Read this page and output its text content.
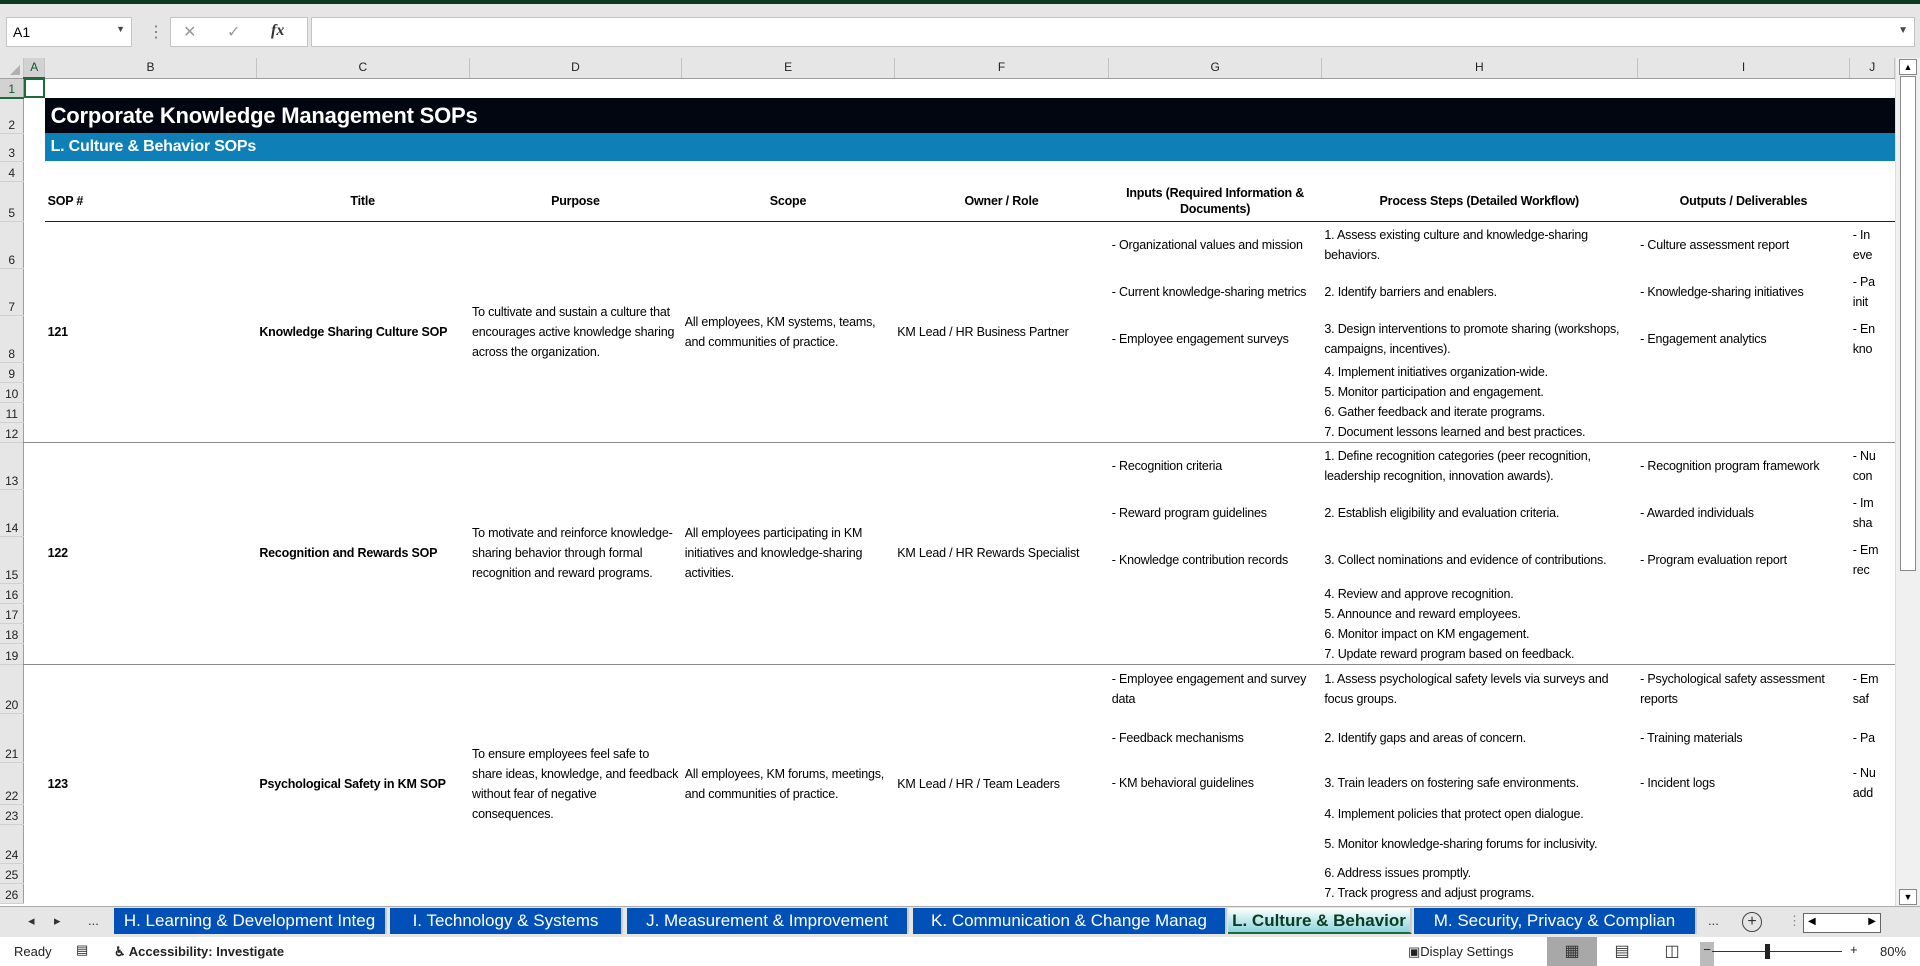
A1	▼ ⋮ ✕ ✓ fx	▼
	A	B	C	D	E	F	G	H	I	J
1										
2		Corporate Knowledge Management SOPs								
3		L. Culture & Behavior SOPs								
4										
5		SOP #	Title	Purpose	Scope	Owner / Role	Inputs (Required Information & Documents)	Process Steps (Detailed Workflow)	Outputs / Deliverables	
6		121	Knowledge Sharing Culture SOP	To cultivate and sustain a culture that encourages active knowledge sharing across the organization.	All employees, KM systems, teams, and communities of practice.	KM Lead / HR Business Partner	- Organizational values and mission	1. Assess existing culture and knowledge-sharing behaviors.	- Culture assessment report	- In eve
7							- Current knowledge-sharing metrics	2. Identify barriers and enablers.	- Knowledge-sharing initiatives	- Pa init
8							- Employee engagement surveys	3. Design interventions to promote sharing (workshops, campaigns, incentives).	- Engagement analytics	- En kno
9								4. Implement initiatives organization-wide.		
10								5. Monitor participation and engagement.		
11								6. Gather feedback and iterate programs.		
12								7. Document lessons learned and best practices.		
13		122	Recognition and Rewards SOP	To motivate and reinforce knowledge-sharing behavior through formal recognition and reward programs.	All employees participating in KM initiatives and knowledge-sharing activities.	KM Lead / HR Rewards Specialist	- Recognition criteria	1. Define recognition categories (peer recognition, leadership recognition, innovation awards).	- Recognition program framework	- Nu con
14							- Reward program guidelines	2. Establish eligibility and evaluation criteria.	- Awarded individuals	- Im sha
15							- Knowledge contribution records	3. Collect nominations and evidence of contributions.	- Program evaluation report	- Em rec
16								4. Review and approve recognition.		
17								5. Announce and reward employees.		
18								6. Monitor impact on KM engagement.		
19								7. Update reward program based on feedback.		
20		123	Psychological Safety in KM SOP	To ensure employees feel safe to share ideas, knowledge, and feedback without fear of negative consequences.	All employees, KM forums, meetings, and communities of practice.	KM Lead / HR / Team Leaders	- Employee engagement and survey data	1. Assess psychological safety levels via surveys and focus groups.	- Psychological safety assessment reports	- Em saf
21							- Feedback mechanisms	2. Identify gaps and areas of concern.	- Training materials	- Pa
22							- KM behavioral guidelines	3. Train leaders on fostering safe environments.	- Incident logs	- Nu add
23								4. Implement policies that protect open dialogue.		
24								5. Monitor knowledge-sharing forums for inclusivity.		
25								6. Address issues promptly.		
26								7. Track progress and adjust programs.		
▲
▼
◂ ▸ ...	H. Learning & Development Integ	I. Technology & Systems	J. Measurement & Improvement	K. Communication & Change Manag	L. Culture & Behavior	M. Security, Privacy & Complian	...	+	⋮ ◀	▶
Ready ▤ ♿︎ Accessibility: Investigate	▣Display Settings	▦	▤	◫	−	+ 80%
